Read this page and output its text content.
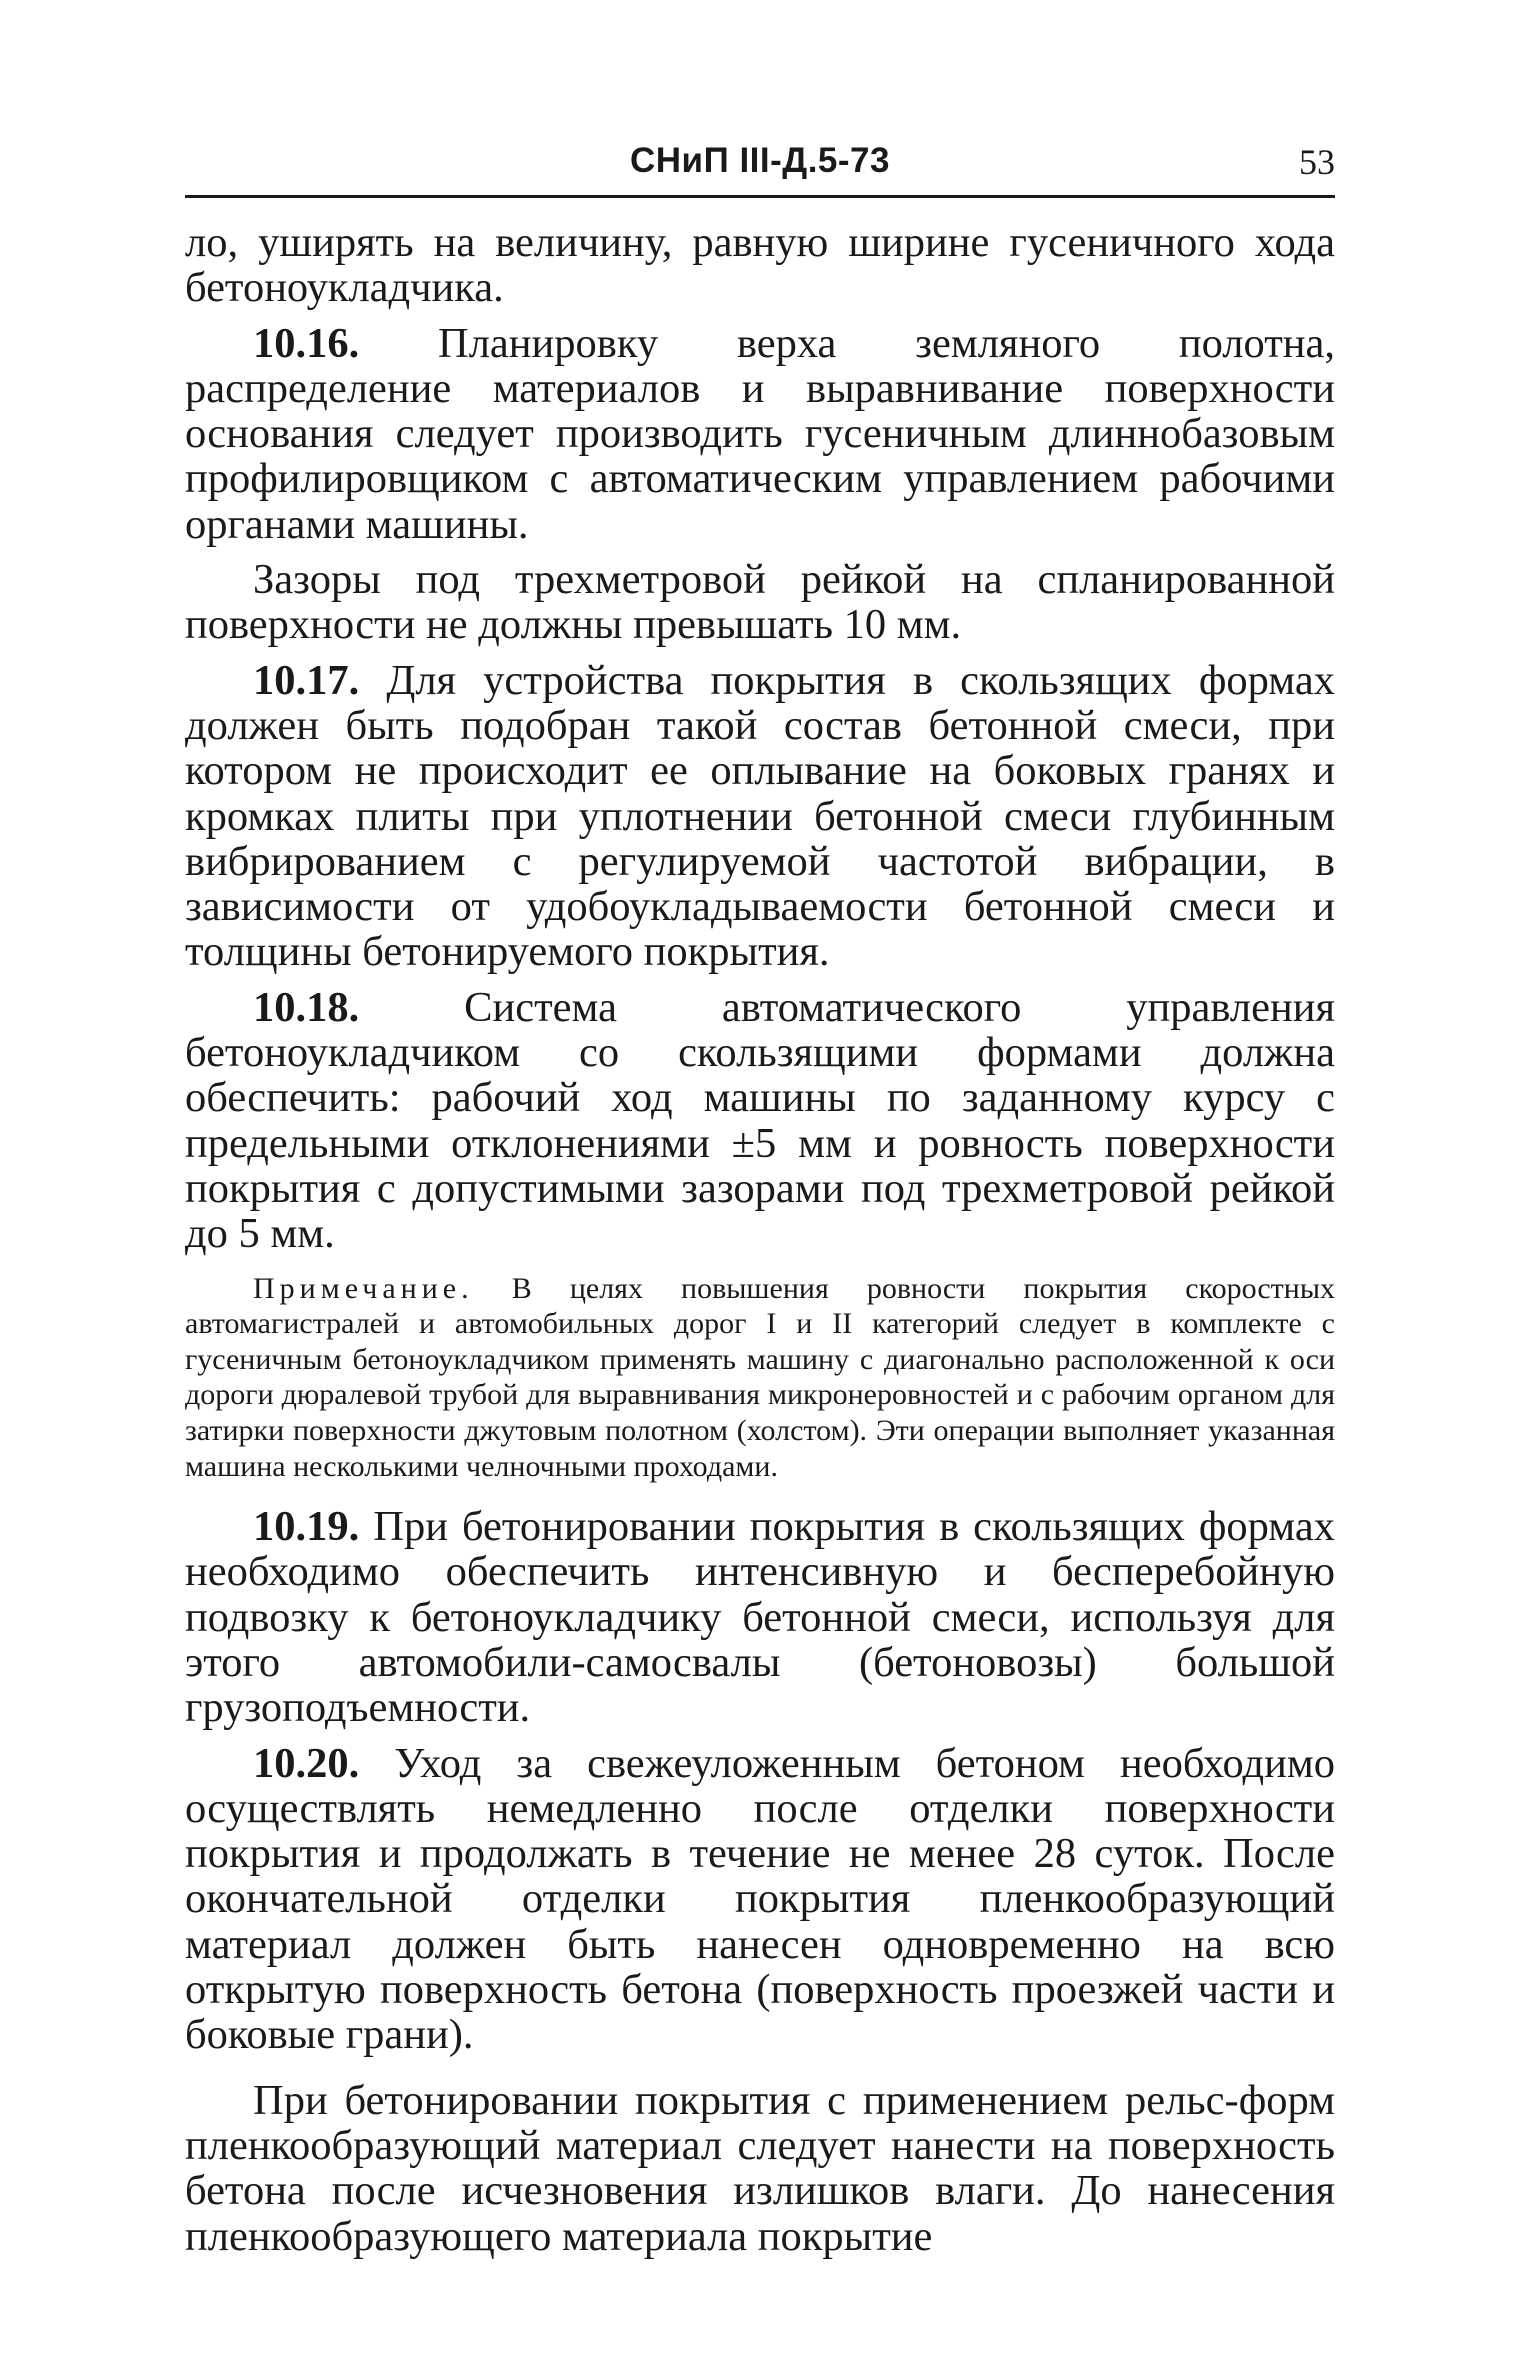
СНиП III-Д.5-73	53

ло, уширять на величину, равную ширине гусеничного хода бетоноукладчика.

10.16. Планировку верха земляного полотна, распределение материалов и выравнивание поверхности основания следует производить гусеничным длиннобазовым профилировщиком с автоматическим управлением рабочими органами машины.

Зазоры под трехметровой рейкой на спланированной поверхности не должны превышать 10 мм.

10.17. Для устройства покрытия в скользящих формах должен быть подобран такой состав бетонной смеси, при котором не происходит ее оплывание на боковых гранях и кромках плиты при уплотнении бетонной смеси глубинным вибрированием с регулируемой частотой вибрации, в зависимости от удобоукладываемости бетонной смеси и толщины бетонируемого покрытия.

10.18. Система автоматического управления бетоноукладчиком со скользящими формами должна обеспечить: рабочий ход машины по заданному курсу с предельными отклонениями ±5 мм и ровность поверхности покрытия с допустимыми зазорами под трехметровой рейкой до 5 мм.

Примечание. В целях повышения ровности покрытия скоростных автомагистралей и автомобильных дорог I и II категорий следует в комплекте с гусеничным бетоноукладчиком применять машину с диагонально расположенной к оси дороги дюралевой трубой для выравнивания микронеровностей и с рабочим органом для затирки поверхности джутовым полотном (холстом). Эти операции выполняет указанная машина несколькими челночными проходами.

10.19. При бетонировании покрытия в скользящих формах необходимо обеспечить интенсивную и бесперебойную подвозку к бетоноукладчику бетонной смеси, используя для этого автомобили-самосвалы (бетоновозы) большой грузоподъемности.

10.20. Уход за свежеуложенным бетоном необходимо осуществлять немедленно после отделки поверхности покрытия и продолжать в течение не менее 28 суток. После окончательной отделки покрытия пленкообразующий материал должен быть нанесен одновременно на всю открытую поверхность бетона (поверхность проезжей части и боковые грани).

При бетонировании покрытия с применением рельс-форм пленкообразующий материал следует нанести на поверхность бетона после исчезновения излишков влаги. До нанесения пленкообразующего материала покрытие
